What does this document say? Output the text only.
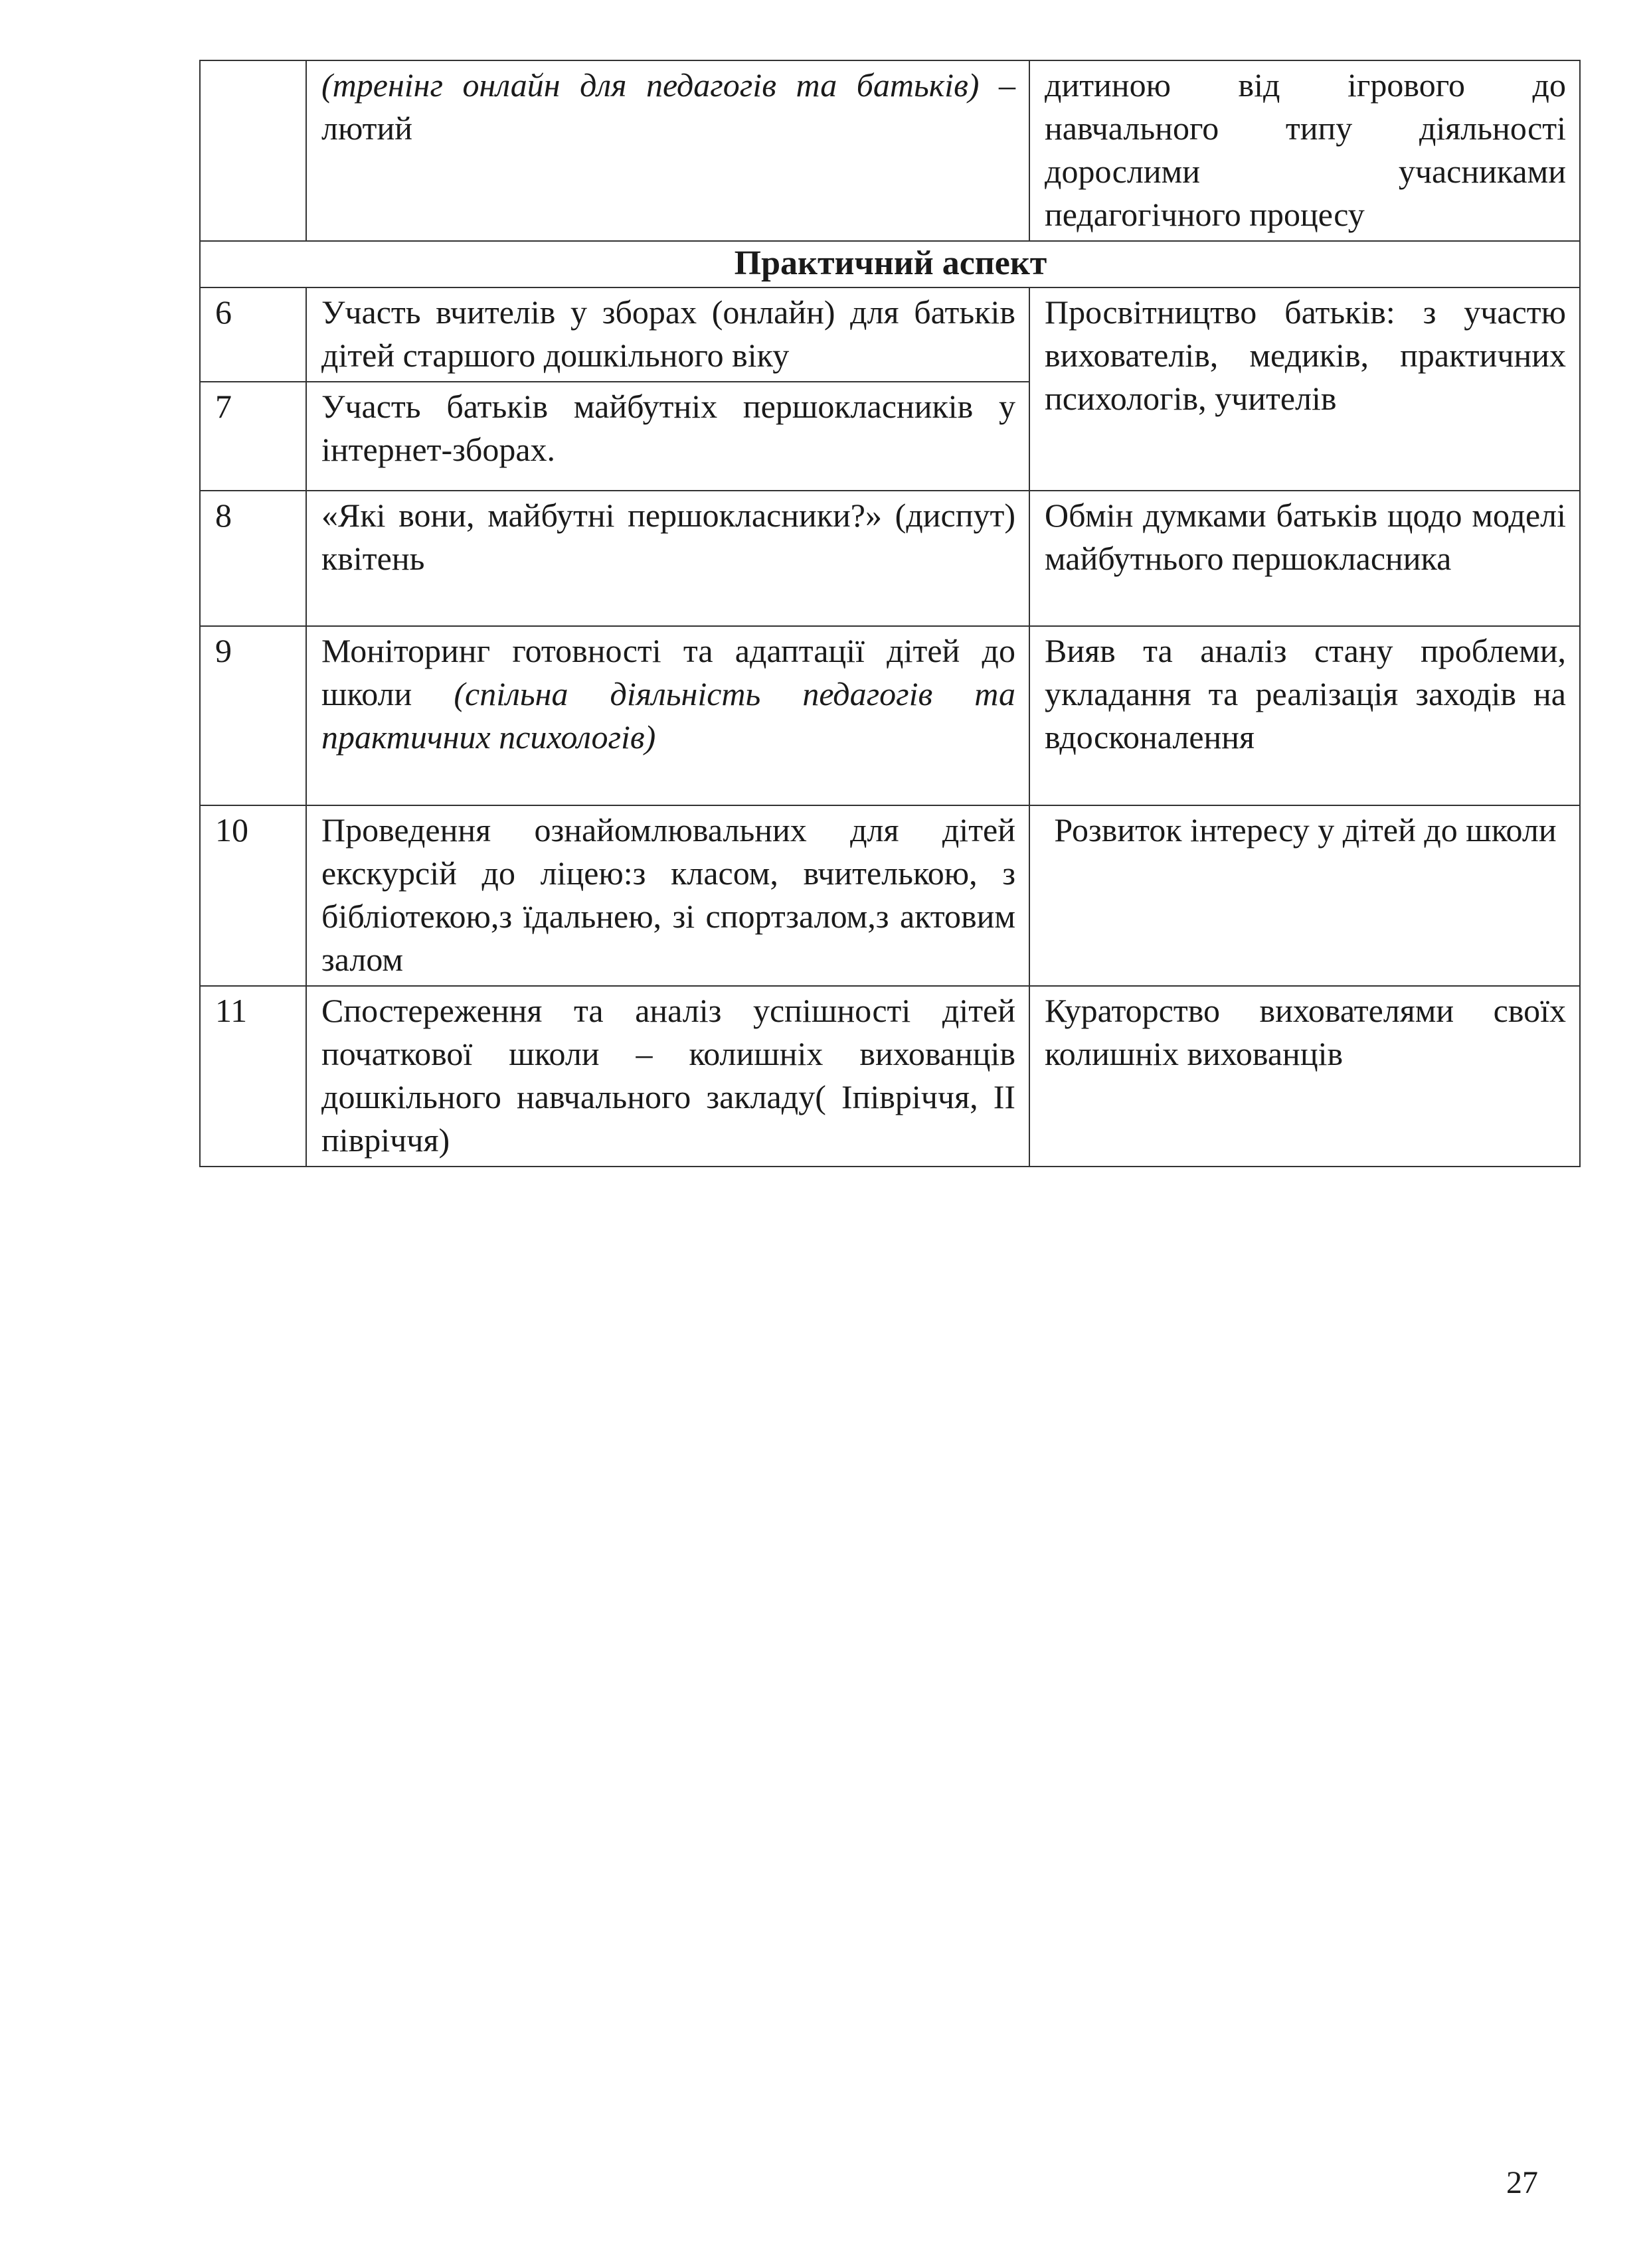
	(тренінг онлайн для педагогів та батьків) –лютий	дитиною від ігрового до навчального типу діяльності дорослими учасниками педагогічного процесу
Практичний аспект		
6	Участь вчителів у зборах (онлайн) для батьків дітей старшого дошкільного віку	Просвітництво батьків: з участю вихователів, медиків, практичних психологів, учителів
7	Участь батьків майбутніх першокласників у інтернет-зборах.	
8	«Які вони, майбутні першокласники?» (диспут) квітень	Обмін думками батьків щодо моделі майбутнього першокласника
9	Моніторинг готовності та адаптації дітей до школи (спільна діяльність педагогів та практичних психологів)	Вияв та аналіз стану проблеми, укладання та реалізація заходів на вдосконалення
10	Проведення ознайомлювальних для дітей екскурсій до ліцею:з класом, вчителькою, з бібліотекою,з їдальнею, зі спортзалом,з актовим залом	Розвиток інтересу у дітей до школи
11	Спостереження та аналіз успішності дітей початкової школи – колишніх вихованців дошкільного навчального закладу( Іпівріччя, ІІ півріччя)	Кураторство вихователями своїх колишніх вихованців
27
